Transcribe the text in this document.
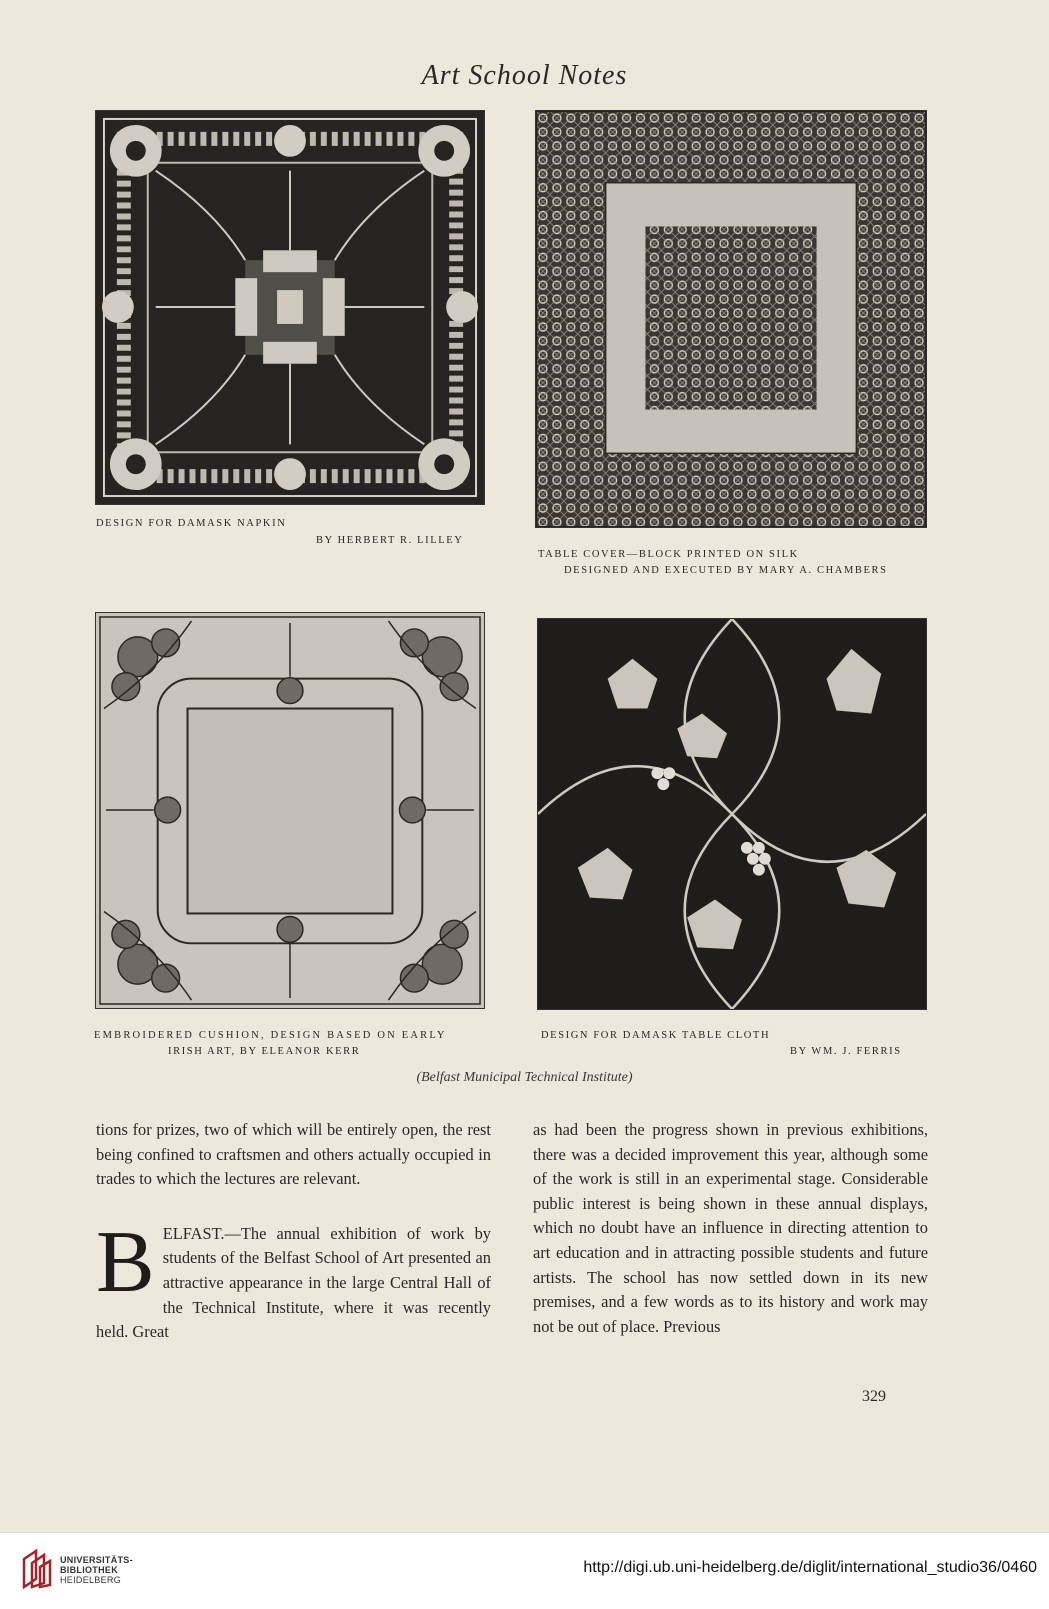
Art School Notes
DESIGN FOR DAMASK NAPKIN
BY HERBERT R. LILLEY
TABLE COVER—BLOCK PRINTED ON SILK
DESIGNED AND EXECUTED BY MARY A. CHAMBERS
EMBROIDERED CUSHION, DESIGN BASED ON EARLY
IRISH ART, BY ELEANOR KERR
DESIGN FOR DAMASK TABLE CLOTH
BY WM. J. FERRIS
(Belfast Municipal Technical Institute)

tions for prizes, two of which will be entirely open, the rest being confined to craftsmen and others actually occupied in trades to which the lectures are relevant.

BELFAST.—The annual exhibition of work by students of the Belfast School of Art presented an attractive appearance in the large Central Hall of the Technical Institute, where it was recently held. Great

as had been the progress shown in previous exhibitions, there was a decided improvement this year, although some of the work is still in an experimental stage. Considerable public interest is being shown in these annual displays, which no doubt have an influence in directing attention to art education and in attracting possible students and future artists. The school has now settled down in its new premises, and a few words as to its history and work may not be out of place. Previous

329
UNIVERSITÄTS-
BIBLIOTHEK
HEIDELBERG
http://digi.ub.uni-heidelberg.de/diglit/international_studio36/0460
